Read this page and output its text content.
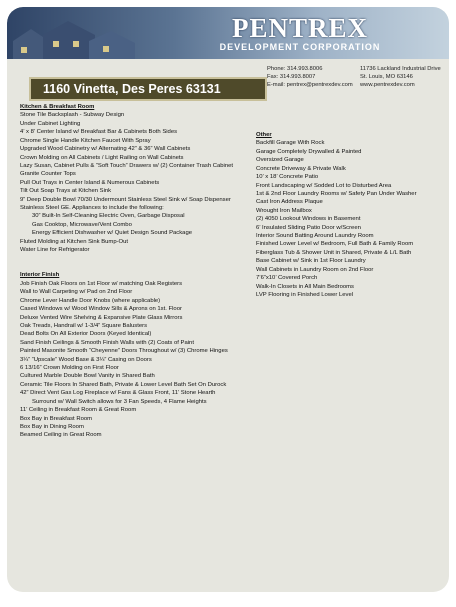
PENTREX
DEVELOPMENT CORPORATION
1160 Vinetta, Des Peres 63131
Phone: 314.993.8006
Fax: 314.993.8007
E-mail: pentrex@pentrexdev.com
11736 Lackland Industrial Drive
St. Louis, MO 63146
www.pentrexdev.com
Kitchen & Breakfast Room
Stone Tile Backsplash - Subway Design
Under Cabinet Lighting
4’ x 8’ Center Island w/ Breakfast Bar & Cabinets Both Sides
Chrome Single Handle Kitchen Faucet With Spray
Upgraded Wood Cabinetry w/ Alternating 42” & 36” Wall Cabinets
Crown Molding on All Cabinets / Light Railing on Wall Cabinets
Lazy Susan, Cabinet Pulls & “Soft Touch” Drawers w/ (2) Container Trash Cabinet
Granite Counter Tops
Pull Out Trays in Center Island & Numerous Cabinets
Tilt Out Soap Trays at Kitchen Sink
9” Deep Double Bowl 70/30 Undermount Stainless Steel Sink w/ Soap Dispenser
Stainless Steel GE. Appliances to include the following:
30” Built-In Self-Cleaning Electric Oven, Garbage Disposal
Gas Cooktop, Microwave/Vent Combo
Energy Efficient Dishwasher w/ Quiet Design Sound Package
Fluted Molding at Kitchen Sink Bump-Out
Water Line for Refrigerator
Interior Finish
Job Finish Oak Floors on 1st Floor w/ matching Oak Registers
Wall to Wall Carpeting w/ Pad on 2nd Floor
Chrome Lever Handle Door Knobs (where applicable)
Cased Windows w/ Wood Window Sills & Aprons on 1st. Floor
Deluxe Vented Wire Shelving & Expansive Plate Glass Mirrors
Oak Treads, Handrail w/ 1-3/4” Square Balusters
Dead Bolts On All Exterior Doors (Keyed Identical)
Sand Finish Ceilings & Smooth Finish Walls with (2) Coats of Paint
Painted Masonite Smooth “Cheyenne” Doors Throughout w/ (3) Chrome Hinges
3¼” “Upscale” Wood Base & 3¼” Casing on Doors
6 13/16” Crown Molding on First Floor
Cultured Marble Double Bowl Vanity in Shared Bath
Ceramic Tile Floors In Shared Bath, Private & Lower Level Bath Set On Durock
42” Direct Vent Gas Log Fireplace w/ Fans & Glass Front, 11’ Stone Hearth
Surround w/ Wall Switch allows for 3 Fan Speeds, 4 Flame Heights
11’ Ceiling in Breakfast Room & Great Room
Box Bay in Breakfast Room
Box Bay in Dining Room
Beamed Ceiling in Great Room
Other
Backfill Garage With Rock
Garage Completely Drywalled & Painted
Oversized Garage
Concrete Driveway & Private Walk
10’ x 18’ Concrete Patio
Front Landscaping w/ Sodded Lot to Disturbed Area
1st & 2nd Floor Laundry Rooms w/ Safety Pan Under Washer
Cast Iron Address Plaque
Wrought Iron Mailbox
(2) 4050 Lookout Windows in Basement
6’ Insulated Sliding Patio Door w/Screen
Interior Sound Batting Around Laundry Room
Finished Lower Level w/ Bedroom, Full Bath & Family Room
Fiberglass Tub & Shower Unit in Shared, Private & L/L Bath
Base Cabinet w/ Sink in 1st Floor Laundry
Wall Cabinets in Laundry Room on 2nd Floor
7’6”x10’ Covered Porch
Walk-In Closets in All Main Bedrooms
LVP Flooring in Finished Lower Level
